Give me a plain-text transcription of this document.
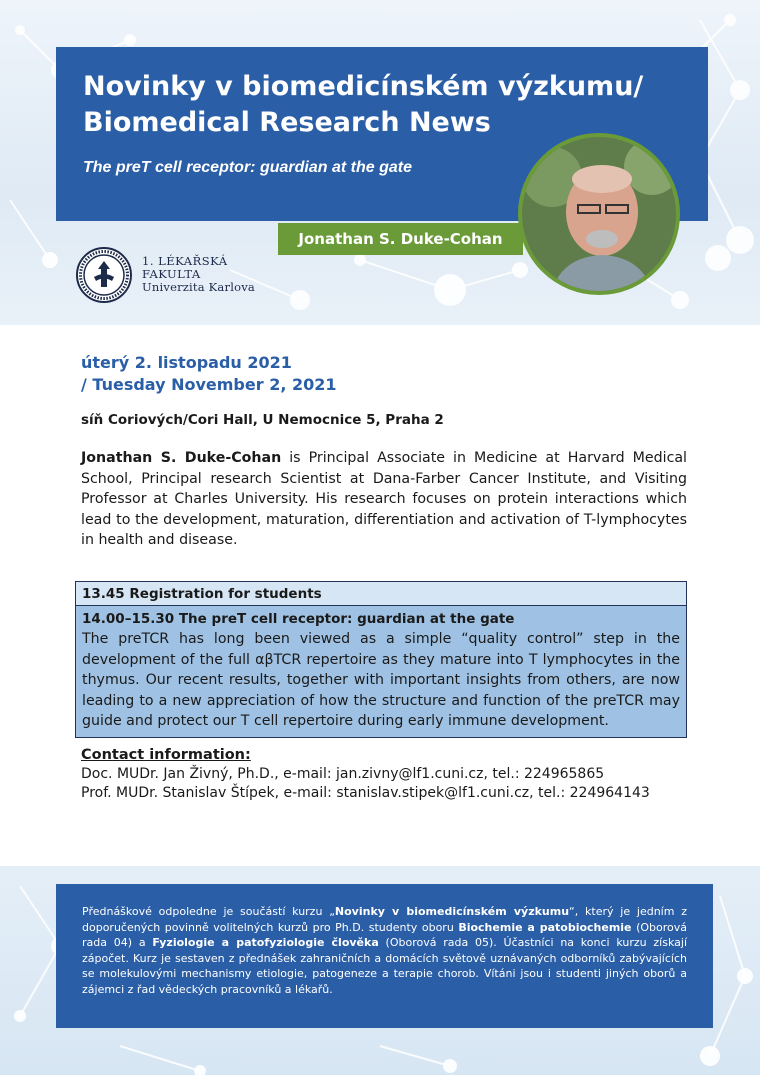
Novinky v biomedicínském výzkumu/
Biomedical Research News

The preT cell receptor: guardian at the gate

Jonathan S. Duke-Cohan
1. LÉKAŘSKÁ
FAKULTA
Univerzita Karlova
úterý 2. listopadu 2021
/ Tuesday November 2, 2021
síň Coriových/Cori Hall, U Nemocnice 5, Praha 2
Jonathan S. Duke-Cohan is Principal Associate in Medicine at Harvard Medical School, Principal research Scientist at Dana-Farber Cancer Institute, and Visiting Professor at Charles University. His research focuses on protein interactions which lead to the development, maturation, differentiation and activation of T-lymphocytes in health and disease.
13.45 Registration for students
14.00–15.30 The preT cell receptor: guardian at the gate
The preTCR has long been viewed as a simple “quality control” step in the development of the full αβTCR repertoire as they mature into T lymphocytes in the thymus. Our recent results, together with important insights from others, are now leading to a new appreciation of how the structure and function of the preTCR may guide and protect our T cell repertoire during early immune development.
Contact information:
Doc. MUDr. Jan Živný, Ph.D., e-mail: jan.zivny@lf1.cuni.cz, tel.: 224965865
Prof. MUDr. Stanislav Štípek, e-mail: stanislav.stipek@lf1.cuni.cz, tel.: 224964143
Přednáškové odpoledne je součástí kurzu „Novinky v biomedicínském výzkumu“, který je jedním z doporučených povinně volitelných kurzů pro Ph.D. studenty oboru Biochemie a patobiochemie (Oborová rada 04) a Fyziologie a patofyziologie člověka (Oborová rada 05). Účastníci na konci kurzu získají zápočet. Kurz je sestaven z přednášek zahraničních a domácích světově uznávaných odborníků zabývajících se molekulovými mechanismy etiologie, patogeneze a terapie chorob. Vítáni jsou i studenti jiných oborů a zájemci z řad vědeckých pracovníků a lékařů.
